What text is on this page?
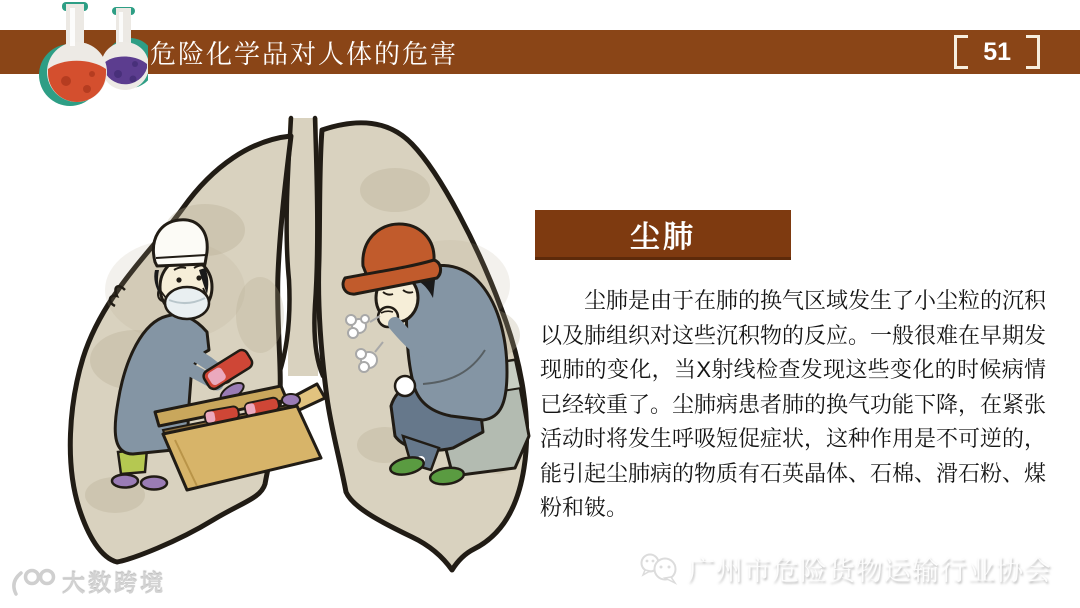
危险化学品对人体的危害	51
尘肺

尘肺是由于在肺的换气区域发生了小尘粒的沉积　以及肺组织对这些沉积物的反应。一般很难在早期发现肺的变化，当X射线检查发现这些变化的时候病情已经较重了。尘肺病患者肺的换气功能下降，在紧张活动时将发生呼吸短促症状，这种作用是不可逆的，能引起尘肺病的物质有石英晶体、石棉、滑石粉、煤粉和铍。

广州市危险货物运输行业协会
大数跨境
